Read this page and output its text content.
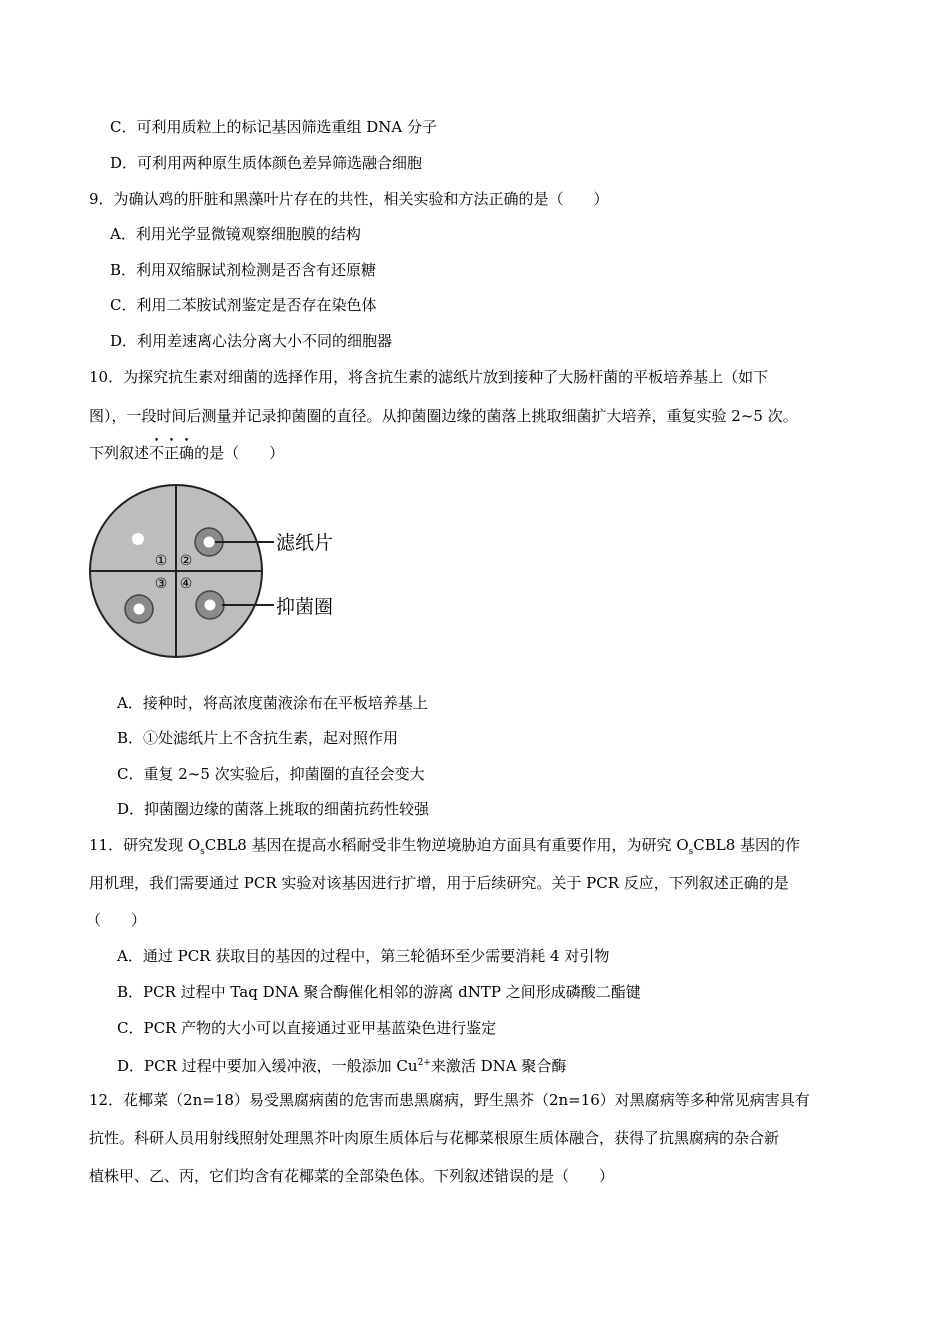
C．可利用质粒上的标记基因筛选重组 DNA 分子
D．可利用两种原生质体颜色差异筛选融合细胞
9．为确认鸡的肝脏和黑藻叶片存在的共性，相关实验和方法正确的是（　　）
A．利用光学显微镜观察细胞膜的结构
B．利用双缩脲试剂检测是否含有还原糖
C．利用二苯胺试剂鉴定是否存在染色体
D．利用差速离心法分离大小不同的细胞器
10．为探究抗生素对细菌的选择作用，将含抗生素的滤纸片放到接种了大肠杆菌的平板培养基上（如下
图），一段时间后测量并记录抑菌圈的直径。从抑菌圈边缘的菌落上挑取细菌扩大培养，重复实验 2~5 次。
下列叙述不正确的是（　　）
① ②
③ ④
滤纸片
抑菌圈
A．接种时，将高浓度菌液涂布在平板培养基上
B．①处滤纸片上不含抗生素，起对照作用
C．重复 2~5 次实验后，抑菌圈的直径会变大
D．抑菌圈边缘的菌落上挑取的细菌抗药性较强
11．研究发现 $O_sCBL8$ 基因在提高水稻耐受非生物逆境胁迫方面具有重要作用，为研究 $O_sCBL8$ 基因的作
用机理，我们需要通过 PCR 实验对该基因进行扩增，用于后续研究。关于 PCR 反应，下列叙述正确的是
（　　）
A．通过 PCR 获取目的基因的过程中，第三轮循环至少需要消耗 4 对引物
B．PCR 过程中 Taq DNA 聚合酶催化相邻的游离 dNTP 之间形成磷酸二酯键
C．PCR 产物的大小可以直接通过亚甲基蓝染色进行鉴定
D．PCR 过程中要加入缓冲液，一般添加 $Cu^{2+}$来激活 DNA 聚合酶
12．花椰菜（2n=18）易受黑腐病菌的危害而患黑腐病，野生黑芥（2n=16）对黑腐病等多种常见病害具有
抗性。科研人员用射线照射处理黑芥叶肉原生质体后与花椰菜根原生质体融合，获得了抗黑腐病的杂合新
植株甲、乙、丙，它们均含有花椰菜的全部染色体。下列叙述错误的是（　　）
